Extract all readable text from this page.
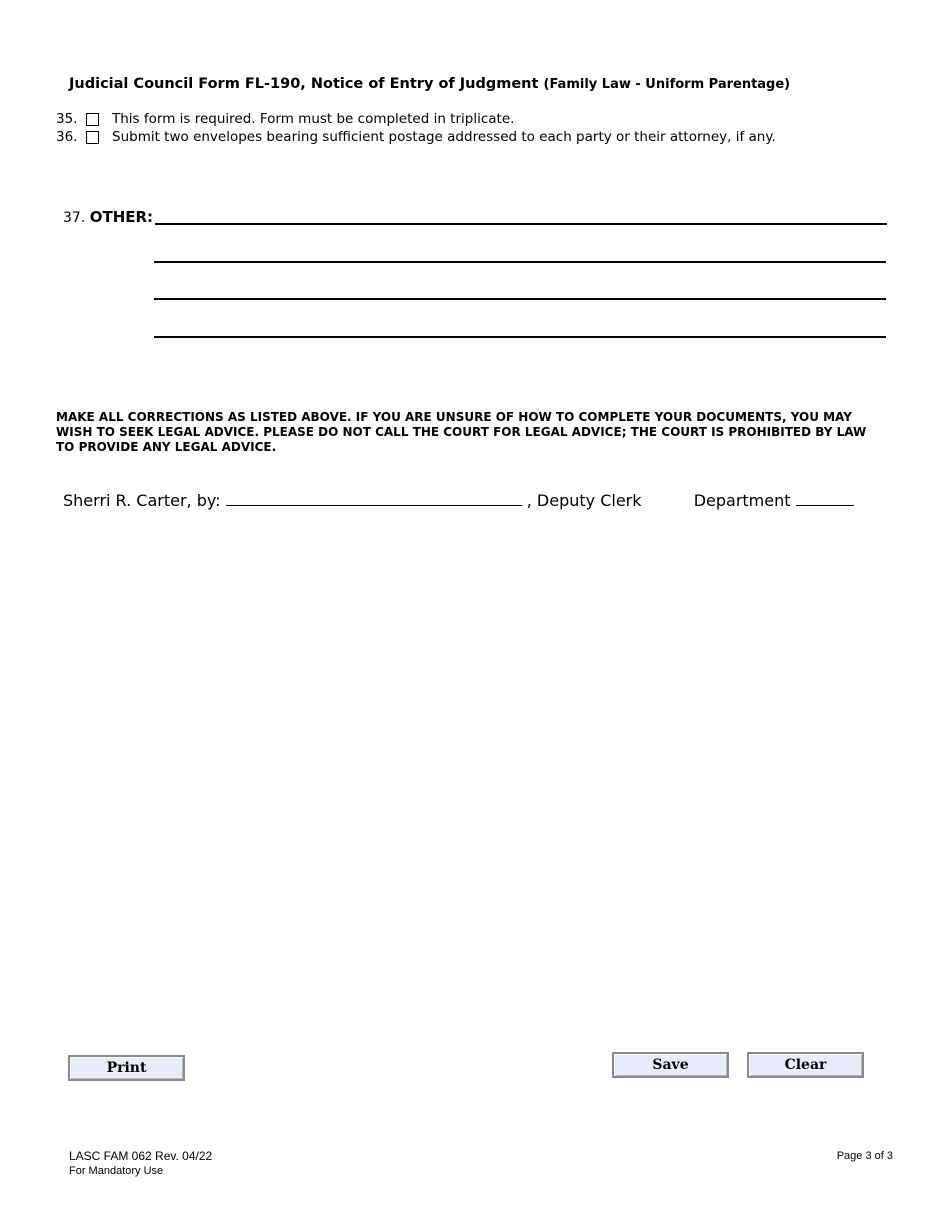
Judicial Council Form FL-190, Notice of Entry of Judgment (Family Law - Uniform Parentage)
35.	This form is required. Form must be completed in triplicate.
36.	Submit two envelopes bearing sufficient postage addressed to each party or their attorney, if any.
37. OTHER:
MAKE ALL CORRECTIONS AS LISTED ABOVE. IF YOU ARE UNSURE OF HOW TO COMPLETE YOUR DOCUMENTS, YOU MAY WISH TO SEEK LEGAL ADVICE. PLEASE DO NOT CALL THE COURT FOR LEGAL ADVICE; THE COURT IS PROHIBITED BY LAW TO PROVIDE ANY LEGAL ADVICE.
Sherri R. Carter, by:	, Deputy Clerk	Department
Print	Save	Clear
LASC FAM 062 Rev. 04/22
For Mandatory Use
Page 3 of 3
